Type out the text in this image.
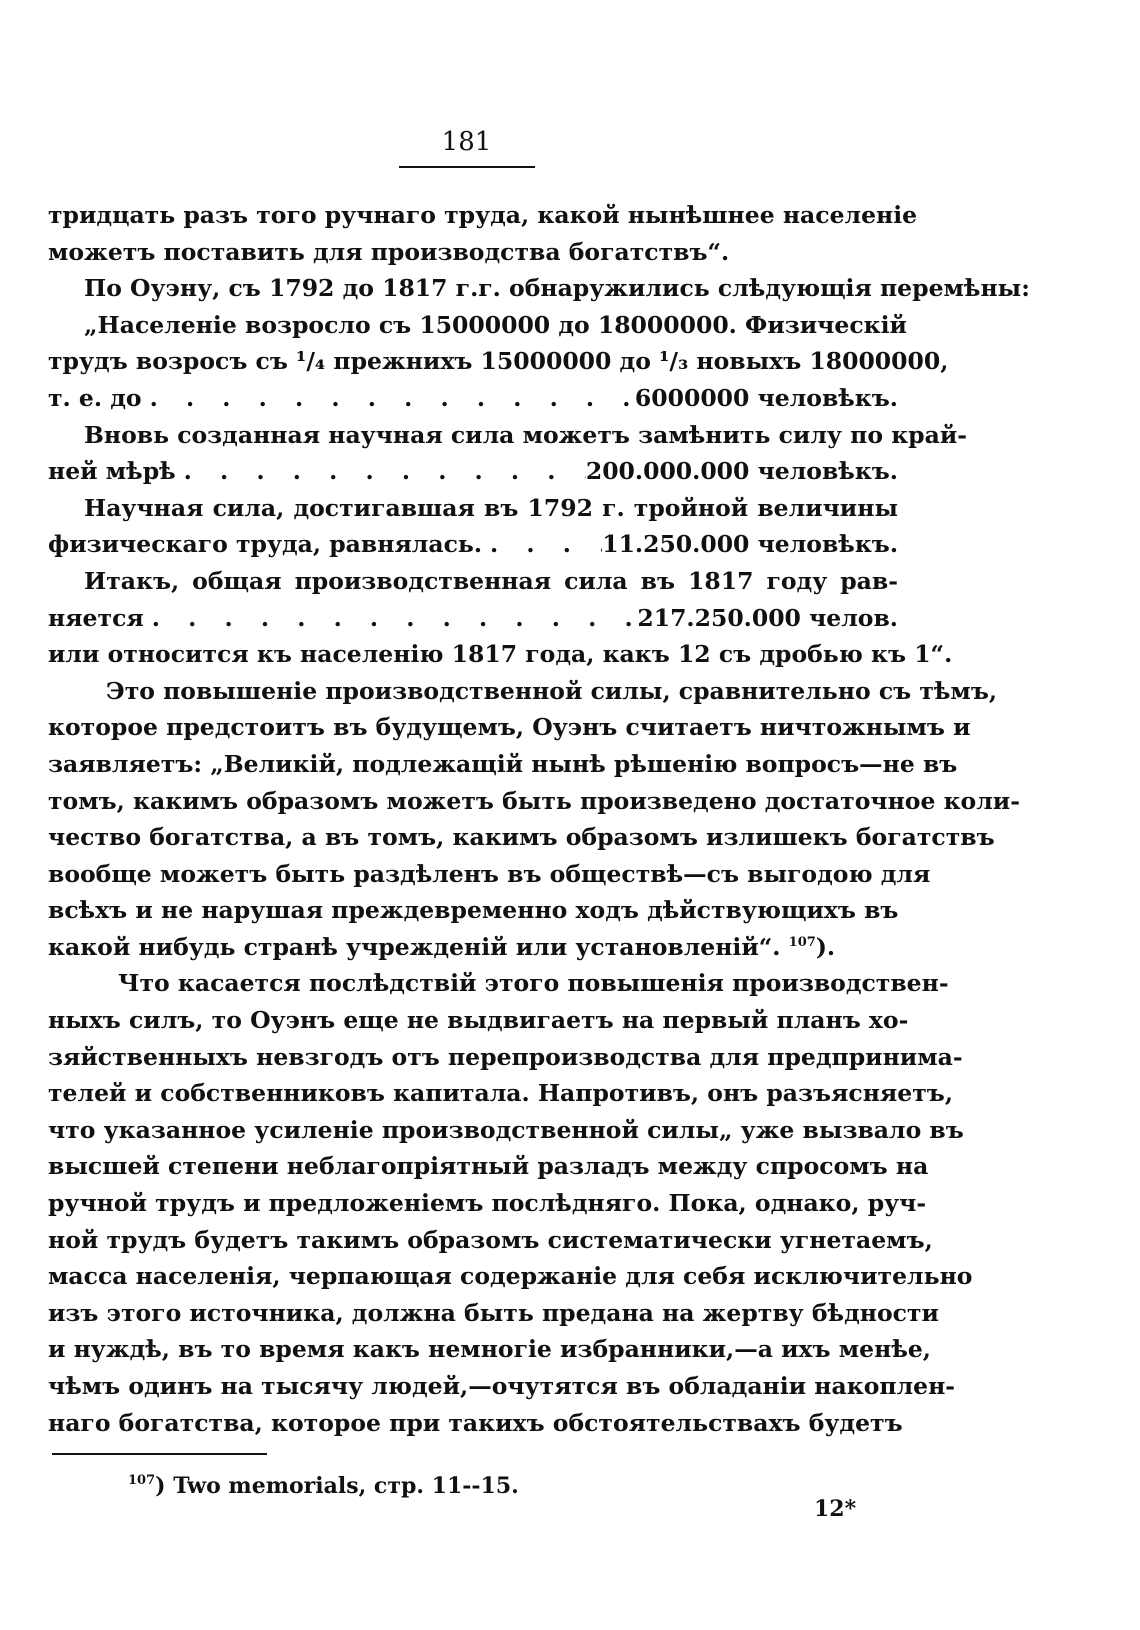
181
тридцать разъ того ручнаго труда, какой нынѣшнее населеніе
можетъ поставить для производства богатствъ“.
По Оуэну, съ 1792 до 1817 г.г. обнаружились слѣдующія перемѣны:
„Населеніе возросло съ 15000000 до 18000000. Физическій
трудъ возросъ съ ¹/₄ прежнихъ 15000000 до ¹/₃ новыхъ 18000000,
т. е. до . . .	6000000 человѣкъ.
Вновь созданная научная сила можетъ замѣнить силу по край-
ней мѣрѣ . . .	200.000.000 человѣкъ.
Научная сила, достигавшая въ 1792 г. тройной величины
физическаго труда, равнялась. . . .	11.250.000 человѣкъ.
Итакъ, общая производственная сила въ 1817 году рав-
няется . . .	217.250.000 челов.
или относится къ населенію 1817 года, какъ 12 съ дробью къ 1“.
Это повышеніе производственной силы, сравнительно съ тѣмъ,
которое предстоитъ въ будущемъ, Оуэнъ считаетъ ничтожнымъ и
заявляетъ: „Великій, подлежащій нынѣ рѣшенію вопросъ—не въ
томъ, какимъ образомъ можетъ быть произведено достаточное коли-
чество богатства, а въ томъ, какимъ образомъ излишекъ богатствъ
вообще можетъ быть раздѣленъ въ обществѣ—съ выгодою для
всѣхъ и не нарушая преждевременно ходъ дѣйствующихъ въ
какой нибудь странѣ учрежденій или установленій“. $^{107}$).
Что касается послѣдствій этого повышенія производствен-
ныхъ силъ, то Оуэнъ еще не выдвигаетъ на первый планъ хо-
зяйственныхъ невзгодъ отъ перепроизводства для предпринима-
телей и собственниковъ капитала. Напротивъ, онъ разъясняетъ,
что указанное усиленіе производственной силы„ уже вызвало въ
высшей степени неблагопріятный разладъ между спросомъ на
ручной трудъ и предложеніемъ послѣдняго. Пока, однако, руч-
ной трудъ будетъ такимъ образомъ систематически угнетаемъ,
масса населенія, черпающая содержаніе для себя исключительно
изъ этого источника, должна быть предана на жертву бѣдности
и нуждѣ, въ то время какъ немногіе избранники,—а ихъ менѣе,
чѣмъ одинъ на тысячу людей,—очутятся въ обладаніи накоплен-
наго богатства, которое при такихъ обстоятельствахъ будетъ
$^{107}$) Two memorials, стр. 11--15.
12*
